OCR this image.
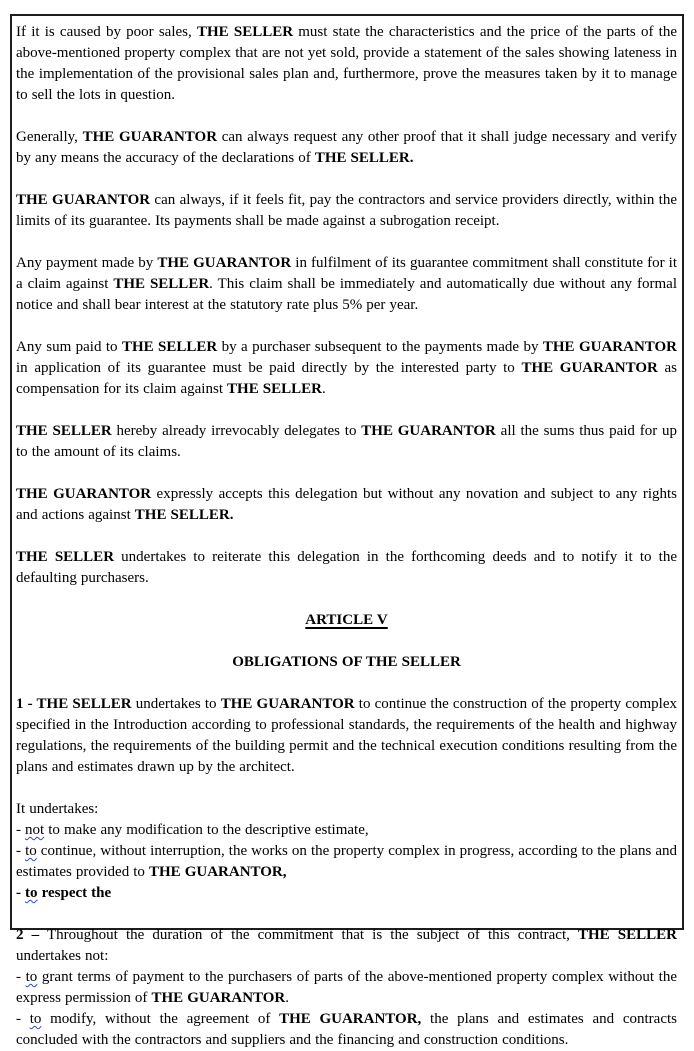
If it is caused by poor sales, THE SELLER must state the characteristics and the price of the parts of the above-mentioned property complex that are not yet sold, provide a statement of the sales showing lateness in the implementation of the provisional sales plan and, furthermore, prove the measures taken by it to manage to sell the lots in question.

Generally, THE GUARANTOR can always request any other proof that it shall judge necessary and verify by any means the accuracy of the declarations of THE SELLER.

THE GUARANTOR can always, if it feels fit, pay the contractors and service providers directly, within the limits of its guarantee. Its payments shall be made against a subrogation receipt.

Any payment made by THE GUARANTOR in fulfilment of its guarantee commitment shall constitute for it a claim against THE SELLER. This claim shall be immediately and automatically due without any formal notice and shall bear interest at the statutory rate plus 5% per year.

Any sum paid to THE SELLER by a purchaser subsequent to the payments made by THE GUARANTOR in application of its guarantee must be paid directly by the interested party to THE GUARANTOR as compensation for its claim against THE SELLER.

THE SELLER hereby already irrevocably delegates to THE GUARANTOR all the sums thus paid for up to the amount of its claims.

THE GUARANTOR expressly accepts this delegation but without any novation and subject to any rights and actions against THE SELLER.

THE SELLER undertakes to reiterate this delegation in the forthcoming deeds and to notify it to the defaulting purchasers.

ARTICLE V

OBLIGATIONS OF THE SELLER

1 - THE SELLER undertakes to THE GUARANTOR to continue the construction of the property complex specified in the Introduction according to professional standards, the requirements of the health and highway regulations, the requirements of the building permit and the technical execution conditions resulting from the plans and estimates drawn up by the architect.

It undertakes:

- not to make any modification to the descriptive estimate,

- to continue, without interruption, the works on the property complex in progress, according to the plans and estimates provided to THE GUARANTOR,

- to respect the

2 – Throughout the duration of the commitment that is the subject of this contract, THE SELLER undertakes not:

- to grant terms of payment to the purchasers of parts of the above-mentioned property complex without the express permission of THE GUARANTOR.

- to modify, without the agreement of THE GUARANTOR, the plans and estimates and contracts concluded with the contractors and suppliers and the financing and construction conditions.
